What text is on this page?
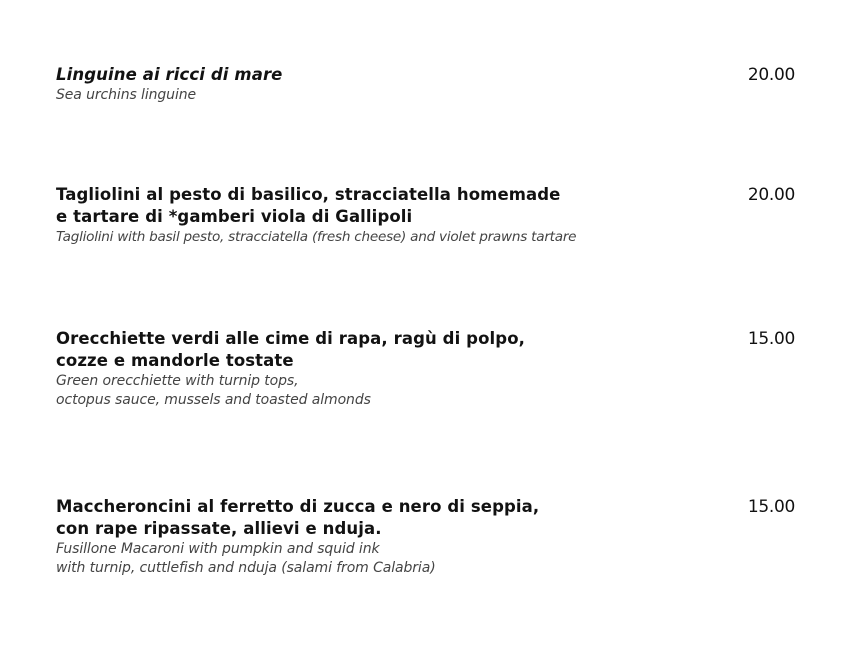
Linguine ai ricci di mare

Sea urchins linguine

20.00

Tagliolini al pesto di basilico, stracciatella homemade
e tartare di *gamberi viola di Gallipoli

Tagliolini with basil pesto, stracciatella (fresh cheese) and violet prawns tartare

20.00

Orecchiette verdi alle cime di rapa, ragù di polpo,
cozze e mandorle tostate

Green orecchiette with turnip tops,
octopus sauce, mussels and toasted almonds

15.00

Maccheroncini al ferretto di zucca e nero di seppia,
con rape ripassate, allievi e nduja.

Fusillone Macaroni with pumpkin and squid ink
with turnip, cuttlefish and nduja (salami from Calabria)

15.00
